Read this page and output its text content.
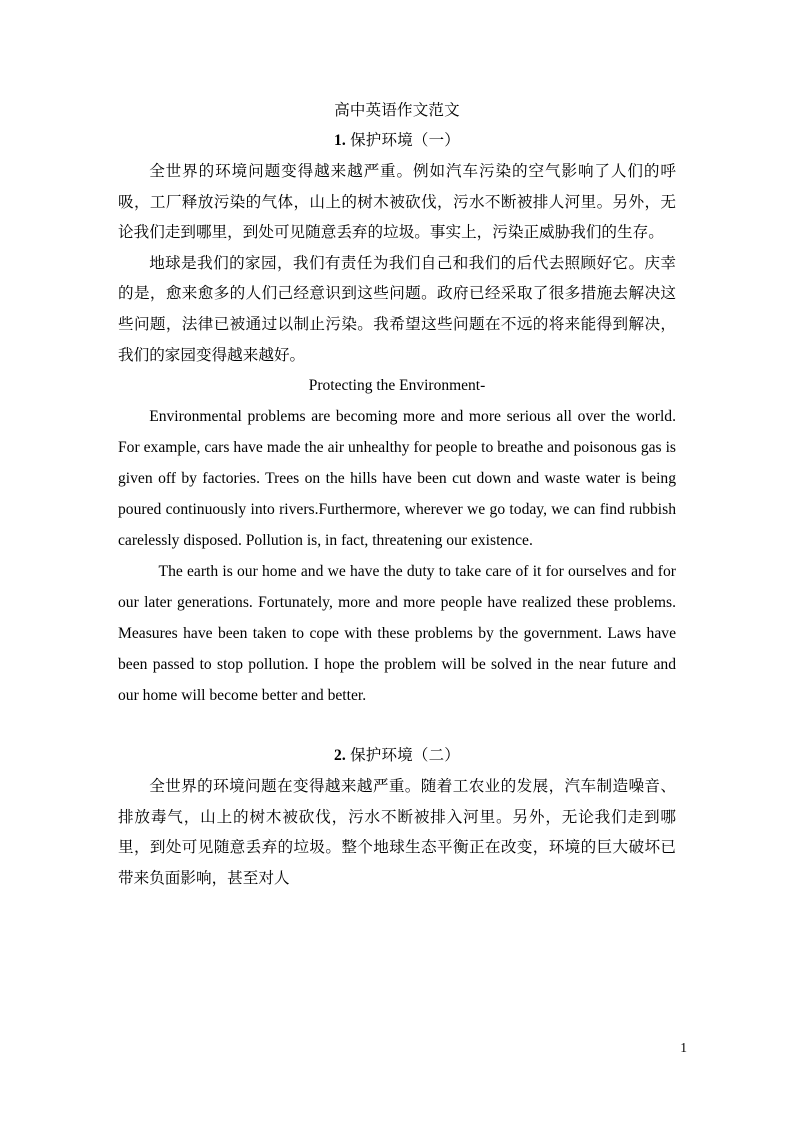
高中英语作文范文
1. 保护环境（一）

全世界的环境问题变得越来越严重。例如汽车污染的空气影响了人们的呼吸，工厂释放污染的气体，山上的树木被砍伐，污水不断被排人河里。另外，无论我们走到哪里，到处可见随意丢弃的垃圾。事实上，污染正威胁我们的生存。

地球是我们的家园，我们有责任为我们自己和我们的后代去照顾好它。庆幸的是，愈来愈多的人们己经意识到这些问题。政府已经采取了很多措施去解决这些问题，法律已被通过以制止污染。我希望这些问题在不远的将来能得到解决，我们的家园变得越来越好。

Protecting the Environment-

Environmental problems are becoming more and more serious all over the world. For example, cars have made the air unhealthy for people to breathe and poisonous gas is given off by factories. Trees on the hills have been cut down and waste water is being poured continuously into rivers.Furthermore, wherever we go today, we can find rubbish carelessly disposed. Pollution is, in fact, threatening our existence.

The earth is our home and we have the duty to take care of it for ourselves and for our later generations. Fortunately, more and more people have realized these problems. Measures have been taken to cope with these problems by the government. Laws have been passed to stop pollution. I hope the problem will be solved in the near future and our home will become better and better.

2. 保护环境（二）

全世界的环境问题在变得越来越严重。随着工农业的发展，汽车制造噪音、排放毒气，山上的树木被砍伐，污水不断被排入河里。另外，无论我们走到哪里，到处可见随意丢弃的垃圾。整个地球生态平衡正在改变，环境的巨大破坏已带来负面影响，甚至对人

1
